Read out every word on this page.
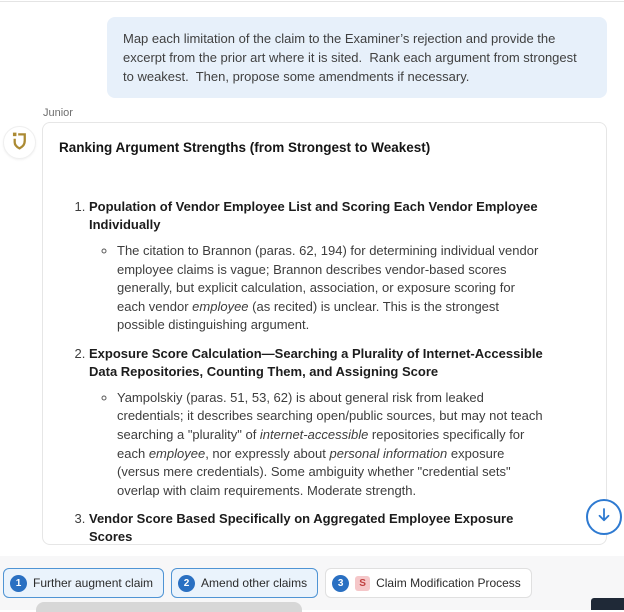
Map each limitation of the claim to the Examiner’s rejection and provide the excerpt from the prior art where it is sited.  Rank each argument from strongest to weakest.  Then, propose some amendments if necessary.
Junior
Ranking Argument Strengths (from Strongest to Weakest)
1. Population of Vendor Employee List and Scoring Each Vendor Employee Individually
◦ The citation to Brannon (paras. 62, 194) for determining individual vendor employee claims is vague; Brannon describes vendor-based scores generally, but explicit calculation, association, or exposure scoring for each vendor employee (as recited) is unclear. This is the strongest possible distinguishing argument.
2. Exposure Score Calculation—Searching a Plurality of Internet-Accessible Data Repositories, Counting Them, and Assigning Score
◦ Yampolskiy (paras. 51, 53, 62) is about general risk from leaked credentials; it describes searching open/public sources, but may not teach searching a "plurality" of internet-accessible repositories specifically for each employee, nor expressly about personal information exposure (versus mere credentials). Some ambiguity whether "credential sets" overlap with claim requirements. Moderate strength.
3. Vendor Score Based Specifically on Aggregated Employee Exposure Scores
◦
1 Further augment claim	2 Amend other claims	3	S Claim Modification Process
